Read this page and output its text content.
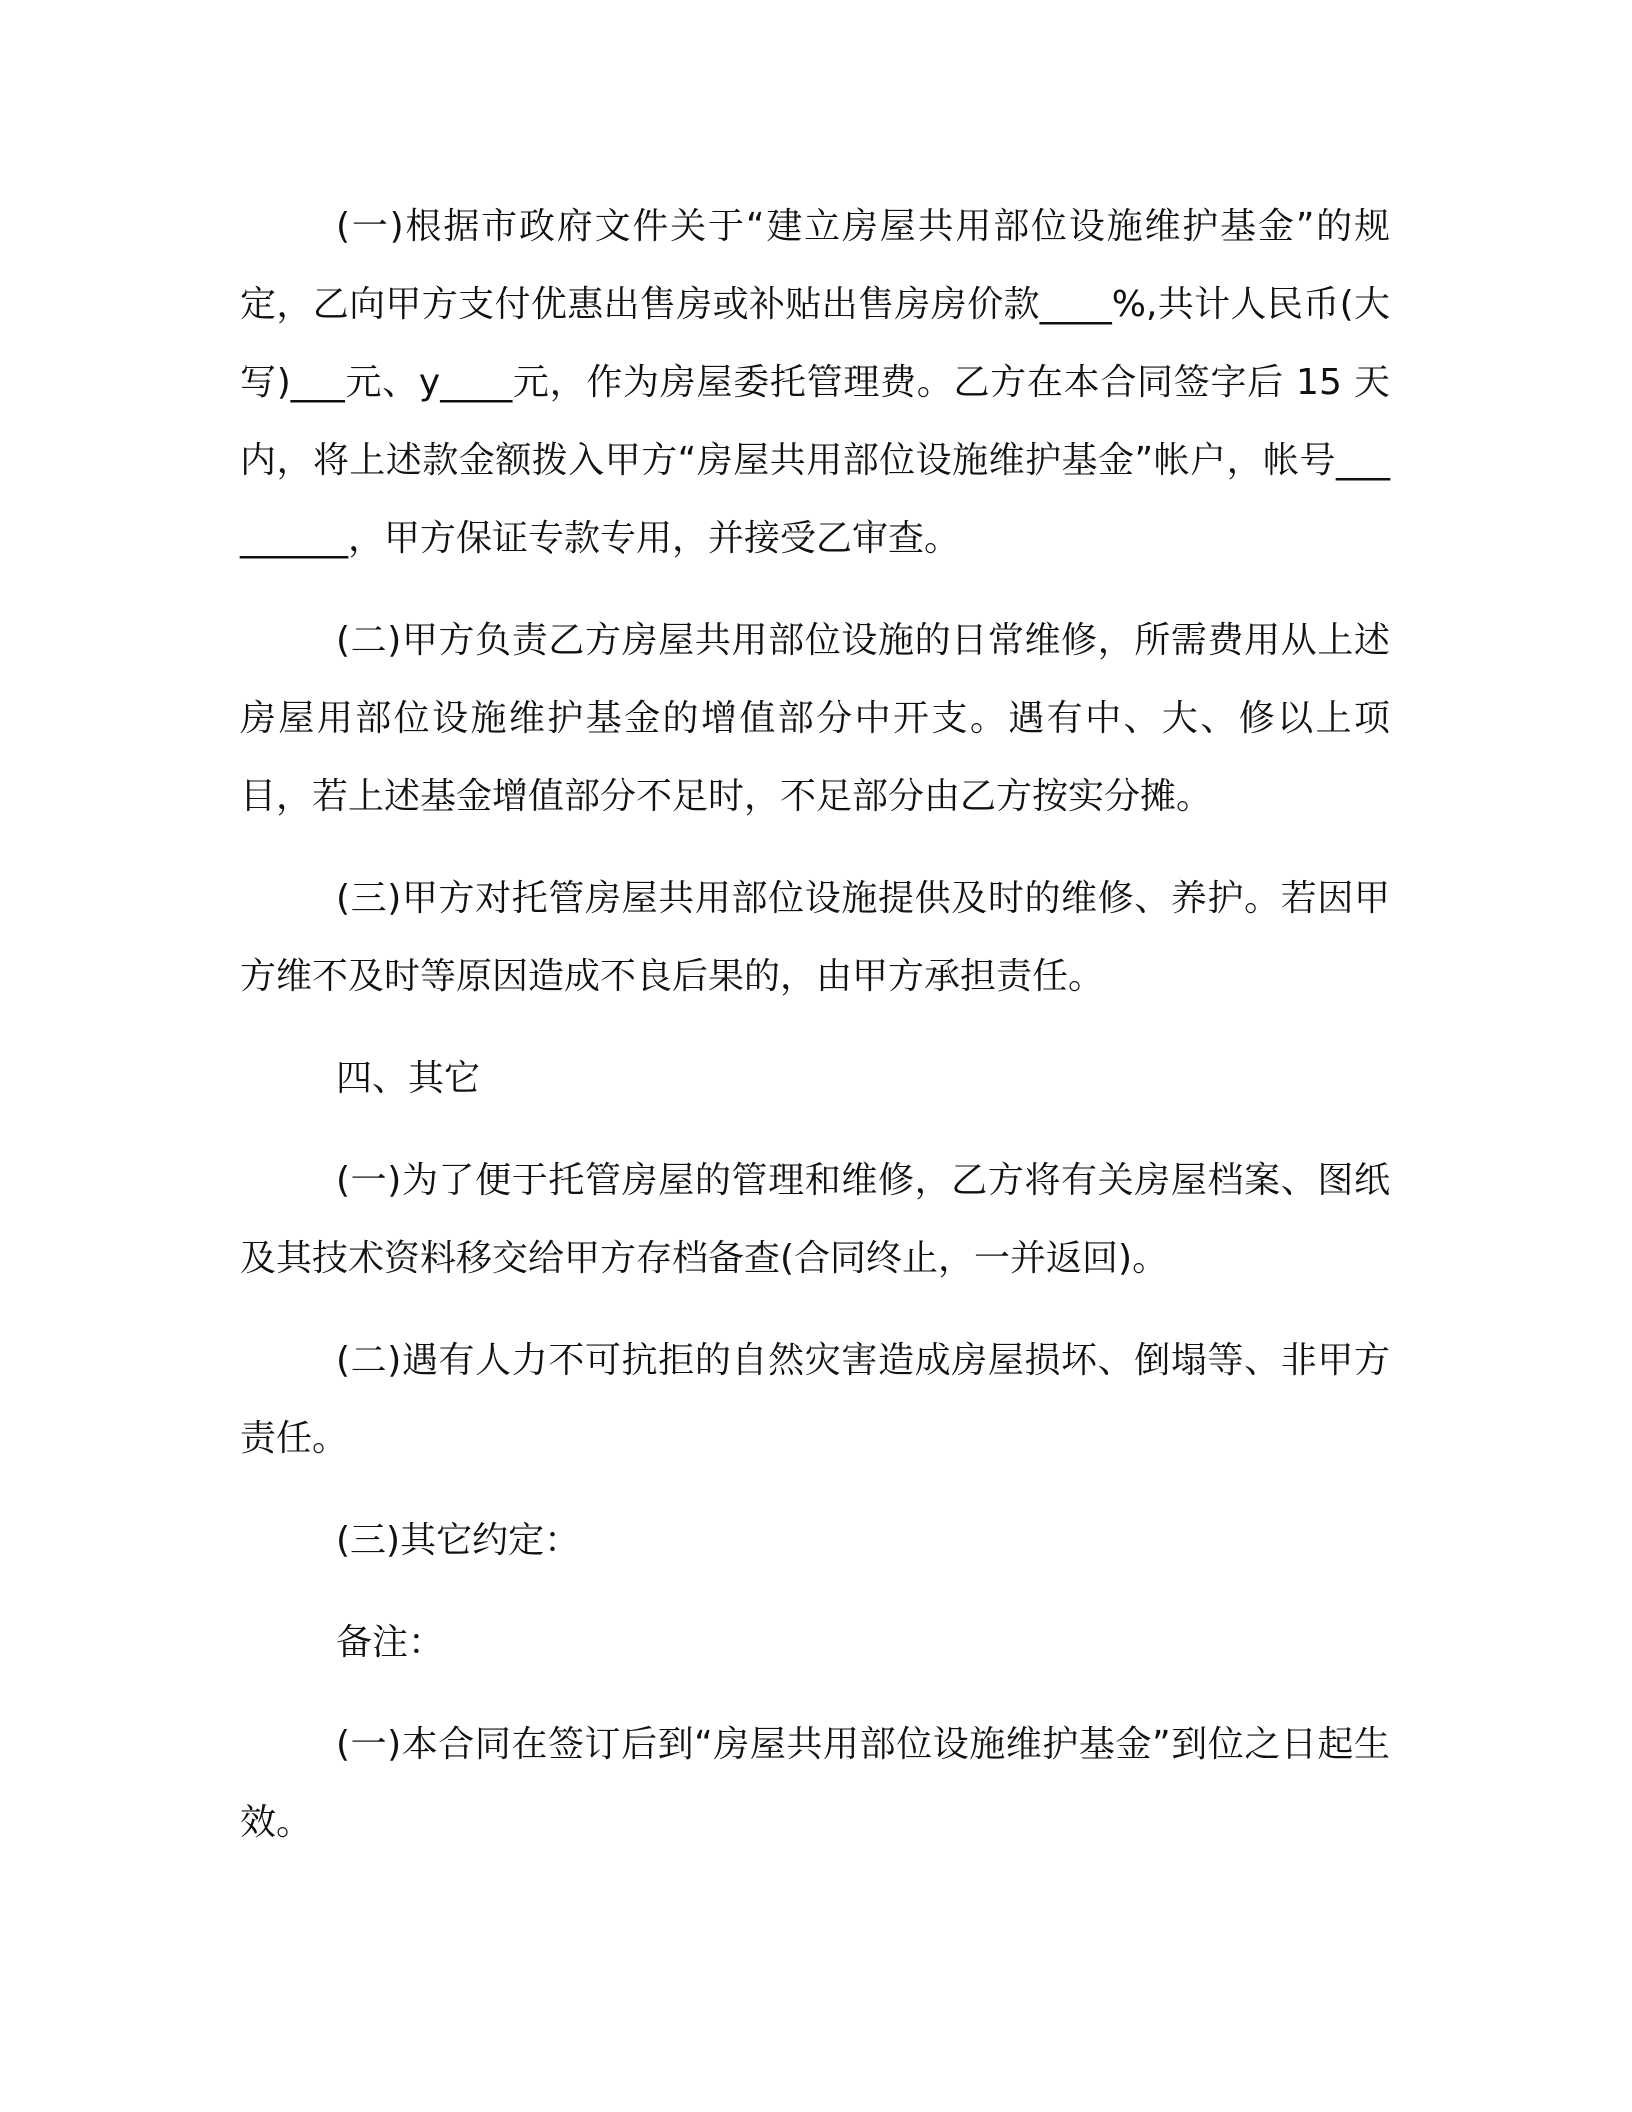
(一)根据市政府文件关于“建立房屋共用部位设施维护基金”的规定，乙向甲方支付优惠出售房或补贴出售房房价款____%,共计人民币(大写)___元、y____元，作为房屋委托管理费。乙方在本合同签字后 15 天内，将上述款金额拨入甲方“房屋共用部位设施维护基金”帐户，帐号_________，甲方保证专款专用，并接受乙审查。

(二)甲方负责乙方房屋共用部位设施的日常维修，所需费用从上述房屋用部位设施维护基金的增值部分中开支。遇有中、大、修以上项目，若上述基金增值部分不足时，不足部分由乙方按实分摊。

(三)甲方对托管房屋共用部位设施提供及时的维修、养护。若因甲方维不及时等原因造成不良后果的，由甲方承担责任。

四、其它

(一)为了便于托管房屋的管理和维修，乙方将有关房屋档案、图纸及其技术资料移交给甲方存档备查(合同终止，一并返回)。

(二)遇有人力不可抗拒的自然灾害造成房屋损坏、倒塌等、非甲方责任。

(三)其它约定：

备注：

(一)本合同在签订后到“房屋共用部位设施维护基金”到位之日起生效。
